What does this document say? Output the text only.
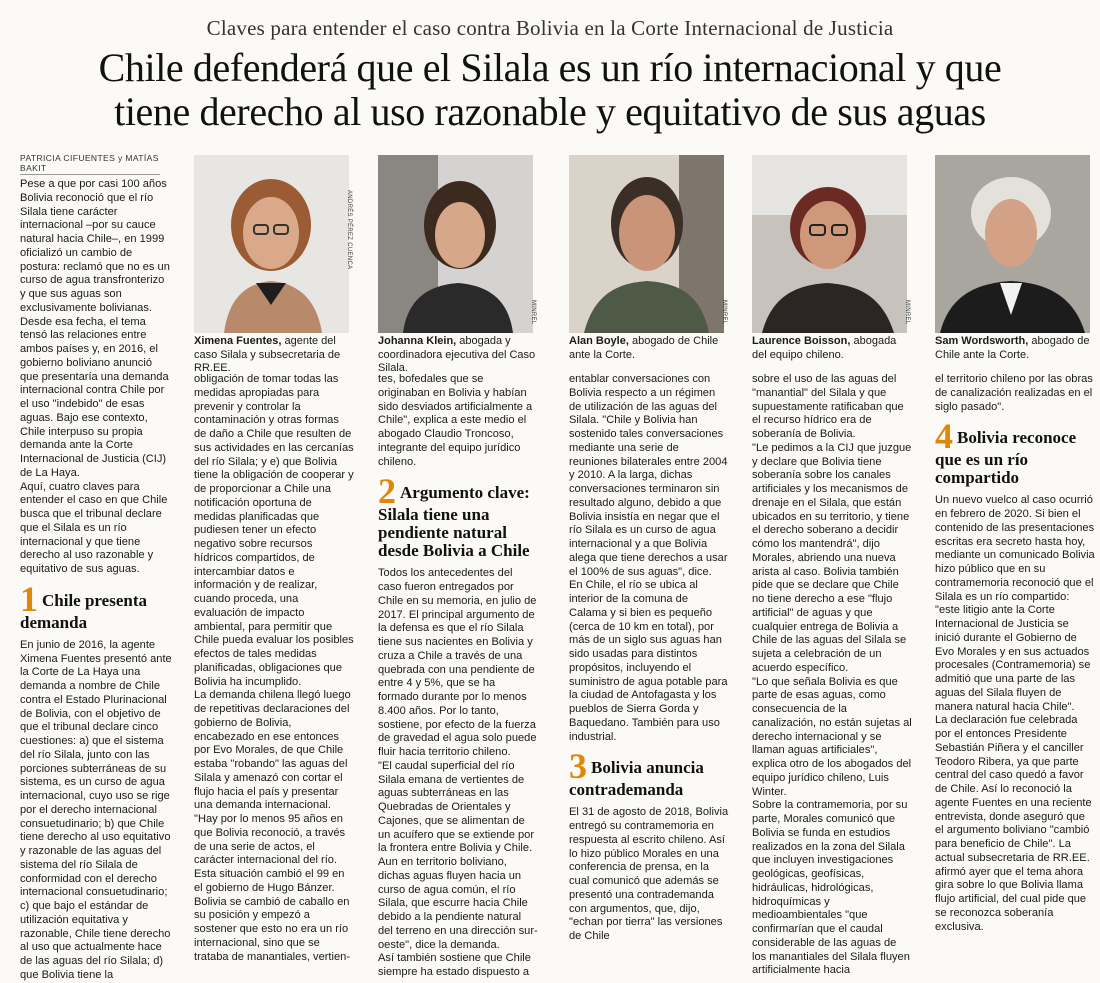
Claves para entender el caso contra Bolivia en la Corte Internacional de Justicia
Chile defenderá que el Silala es un río internacional y que
tiene derecho al uso razonable y equitativo de sus aguas
PATRICIA CIFUENTES y MATÍAS BAKIT

Pese a que por casi 100 años Bolivia reconoció que el río Silala tiene carácter internacional –por su cauce natural hacia Chile–, en 1999 oficializó un cambio de postura: reclamó que no es un curso de agua transfronterizo y que sus aguas son exclusivamente bolivianas.

Desde esa fecha, el tema tensó las relaciones entre ambos países y, en 2016, el gobierno boliviano anunció que presentaría una demanda internacional contra Chile por el uso "indebido" de esas aguas. Bajo ese contexto, Chile interpuso su propia demanda ante la Corte Internacional de Justicia (CIJ) de La Haya.

Aquí, cuatro claves para entender el caso en que Chile busca que el tribunal declare que el Silala es un río internacional y que tiene derecho al uso razonable y equitativo de sus aguas.

1 Chile presenta demanda

En junio de 2016, la agente Ximena Fuentes presentó ante la Corte de La Haya una demanda a nombre de Chile contra el Estado Plurinacional de Bolivia, con el objetivo de que el tribunal declare cinco cuestiones: a) que el sistema del río Silala, junto con las porciones subterráneas de su sistema, es un curso de agua internacional, cuyo uso se rige por el derecho internacional consuetudinario; b) que Chile tiene derecho al uso equitativo y razonable de las aguas del sistema del río Silala de conformidad con el derecho internacional consuetudinario; c) que bajo el estándar de utilización equitativa y razonable, Chile tiene derecho al uso que actualmente hace de las aguas del río Silala; d) que Bolivia tiene la

ANDRÉS PÉREZ CUENCA
MINREL	MINREL	MINREL
Ximena Fuentes, agente del caso Silala y subsecretaria de RR.EE.
Johanna Klein, abogada y coordinadora ejecutiva del Caso Silala.
Alan Boyle, abogado de Chile ante la Corte.
Laurence Boisson, abogada del equipo chileno.
Sam Wordsworth, abogado de Chile ante la Corte.

obligación de tomar todas las medidas apropiadas para prevenir y controlar la contaminación y otras formas de daño a Chile que resulten de sus actividades en las cercanías del río Silala; y e) que Bolivia tiene la obligación de cooperar y de proporcionar a Chile una notificación oportuna de medidas planificadas que pudiesen tener un efecto negativo sobre recursos hídricos compartidos, de intercambiar datos e información y de realizar, cuando proceda, una evaluación de impacto ambiental, para permitir que Chile pueda evaluar los posibles efectos de tales medidas planificadas, obligaciones que Bolivia ha incumplido.

La demanda chilena llegó luego de repetitivas declaraciones del gobierno de Bolivia, encabezado en ese entonces por Evo Morales, de que Chile estaba "robando" las aguas del Silala y amenazó con cortar el flujo hacia el país y presentar una demanda internacional.

"Hay por lo menos 95 años en que Bolivia reconoció, a través de una serie de actos, el carácter internacional del río. Esta situación cambió el 99 en el gobierno de Hugo Bánzer. Bolivia se cambió de caballo en su posición y empezó a sostener que esto no era un río internacional, sino que se trataba de manantiales, vertien-

tes, bofedales que se originaban en Bolivia y habían sido desviados artificialmente a Chile", explica a este medio el abogado Claudio Troncoso, integrante del equipo jurídico chileno.

2 Argumento clave: Silala tiene una pendiente natural desde Bolivia a Chile

Todos los antecedentes del caso fueron entregados por Chile en su memoria, en julio de 2017. El principal argumento de la defensa es que el río Silala tiene sus nacientes en Bolivia y cruza a Chile a través de una quebrada con una pendiente de entre 4 y 5%, que se ha formado durante por lo menos 8.400 años. Por lo tanto, sostiene, por efecto de la fuerza de gravedad el agua solo puede fluir hacia territorio chileno.

"El caudal superficial del río Silala emana de vertientes de aguas subterráneas en las Quebradas de Orientales y Cajones, que se alimentan de un acuífero que se extiende por la frontera entre Bolivia y Chile. Aun en territorio boliviano, dichas aguas fluyen hacia un curso de agua común, el río Silala, que escurre hacia Chile debido a la pendiente natural del terreno en una dirección sur-oeste", dice la demanda.

Así también sostiene que Chile siempre ha estado dispuesto a

entablar conversaciones con Bolivia respecto a un régimen de utilización de las aguas del Silala. "Chile y Bolivia han sostenido tales conversaciones mediante una serie de reuniones bilaterales entre 2004 y 2010. A la larga, dichas conversaciones terminaron sin resultado alguno, debido a que Bolivia insistía en negar que el río Silala es un curso de agua internacional y a que Bolivia alega que tiene derechos a usar el 100% de sus aguas", dice.

En Chile, el río se ubica al interior de la comuna de Calama y si bien es pequeño (cerca de 10 km en total), por más de un siglo sus aguas han sido usadas para distintos propósitos, incluyendo el suministro de agua potable para la ciudad de Antofagasta y los pueblos de Sierra Gorda y Baquedano. También para uso industrial.

3 Bolivia anuncia contrademanda

El 31 de agosto de 2018, Bolivia entregó su contramemoria en respuesta al escrito chileno. Así lo hizo público Morales en una conferencia de prensa, en la cual comunicó que además se presentó una contrademanda con argumentos, que, dijo, "echan por tierra" las versiones de Chile

sobre el uso de las aguas del "manantial" del Silala y que supuestamente ratificaban que el recurso hídrico era de soberanía de Bolivia.

"Le pedimos a la CIJ que juzgue y declare que Bolivia tiene soberanía sobre los canales artificiales y los mecanismos de drenaje en el Silala, que están ubicados en su territorio, y tiene el derecho soberano a decidir cómo los mantendrá", dijo Morales, abriendo una nueva arista al caso. Bolivia también pide que se declare que Chile no tiene derecho a ese "flujo artificial" de aguas y que cualquier entrega de Bolivia a Chile de las aguas del Silala se sujeta a celebración de un acuerdo específico.

"Lo que señala Bolivia es que parte de esas aguas, como consecuencia de la canalización, no están sujetas al derecho internacional y se llaman aguas artificiales", explica otro de los abogados del equipo jurídico chileno, Luis Winter.

Sobre la contramemoria, por su parte, Morales comunicó que Bolivia se funda en estudios realizados en la zona del Silala que incluyen investigaciones geológicas, geofísicas, hidráulicas, hidrológicas, hidroquímicas y medioambientales "que confirmarían que el caudal considerable de las aguas de los manantiales del Silala fluyen artificialmente hacia

el territorio chileno por las obras de canalización realizadas en el siglo pasado".

4 Bolivia reconoce que es un río compartido

Un nuevo vuelco al caso ocurrió en febrero de 2020. Si bien el contenido de las presentaciones escritas era secreto hasta hoy, mediante un comunicado Bolivia hizo público que en su contramemoria reconoció que el Silala es un río compartido: "este litigio ante la Corte Internacional de Justicia se inició durante el Gobierno de Evo Morales y en sus actuados procesales (Contramemoria) se admitió que una parte de las aguas del Silala fluyen de manera natural hacia Chile".

La declaración fue celebrada por el entonces Presidente Sebastián Piñera y el canciller Teodoro Ribera, ya que parte central del caso quedó a favor de Chile. Así lo reconoció la agente Fuentes en una reciente entrevista, donde aseguró que el argumento boliviano "cambió para beneficio de Chile". La actual subsecretaria de RR.EE. afirmó ayer que el tema ahora gira sobre lo que Bolivia llama flujo artificial, del cual pide que se reconozca soberanía exclusiva.
